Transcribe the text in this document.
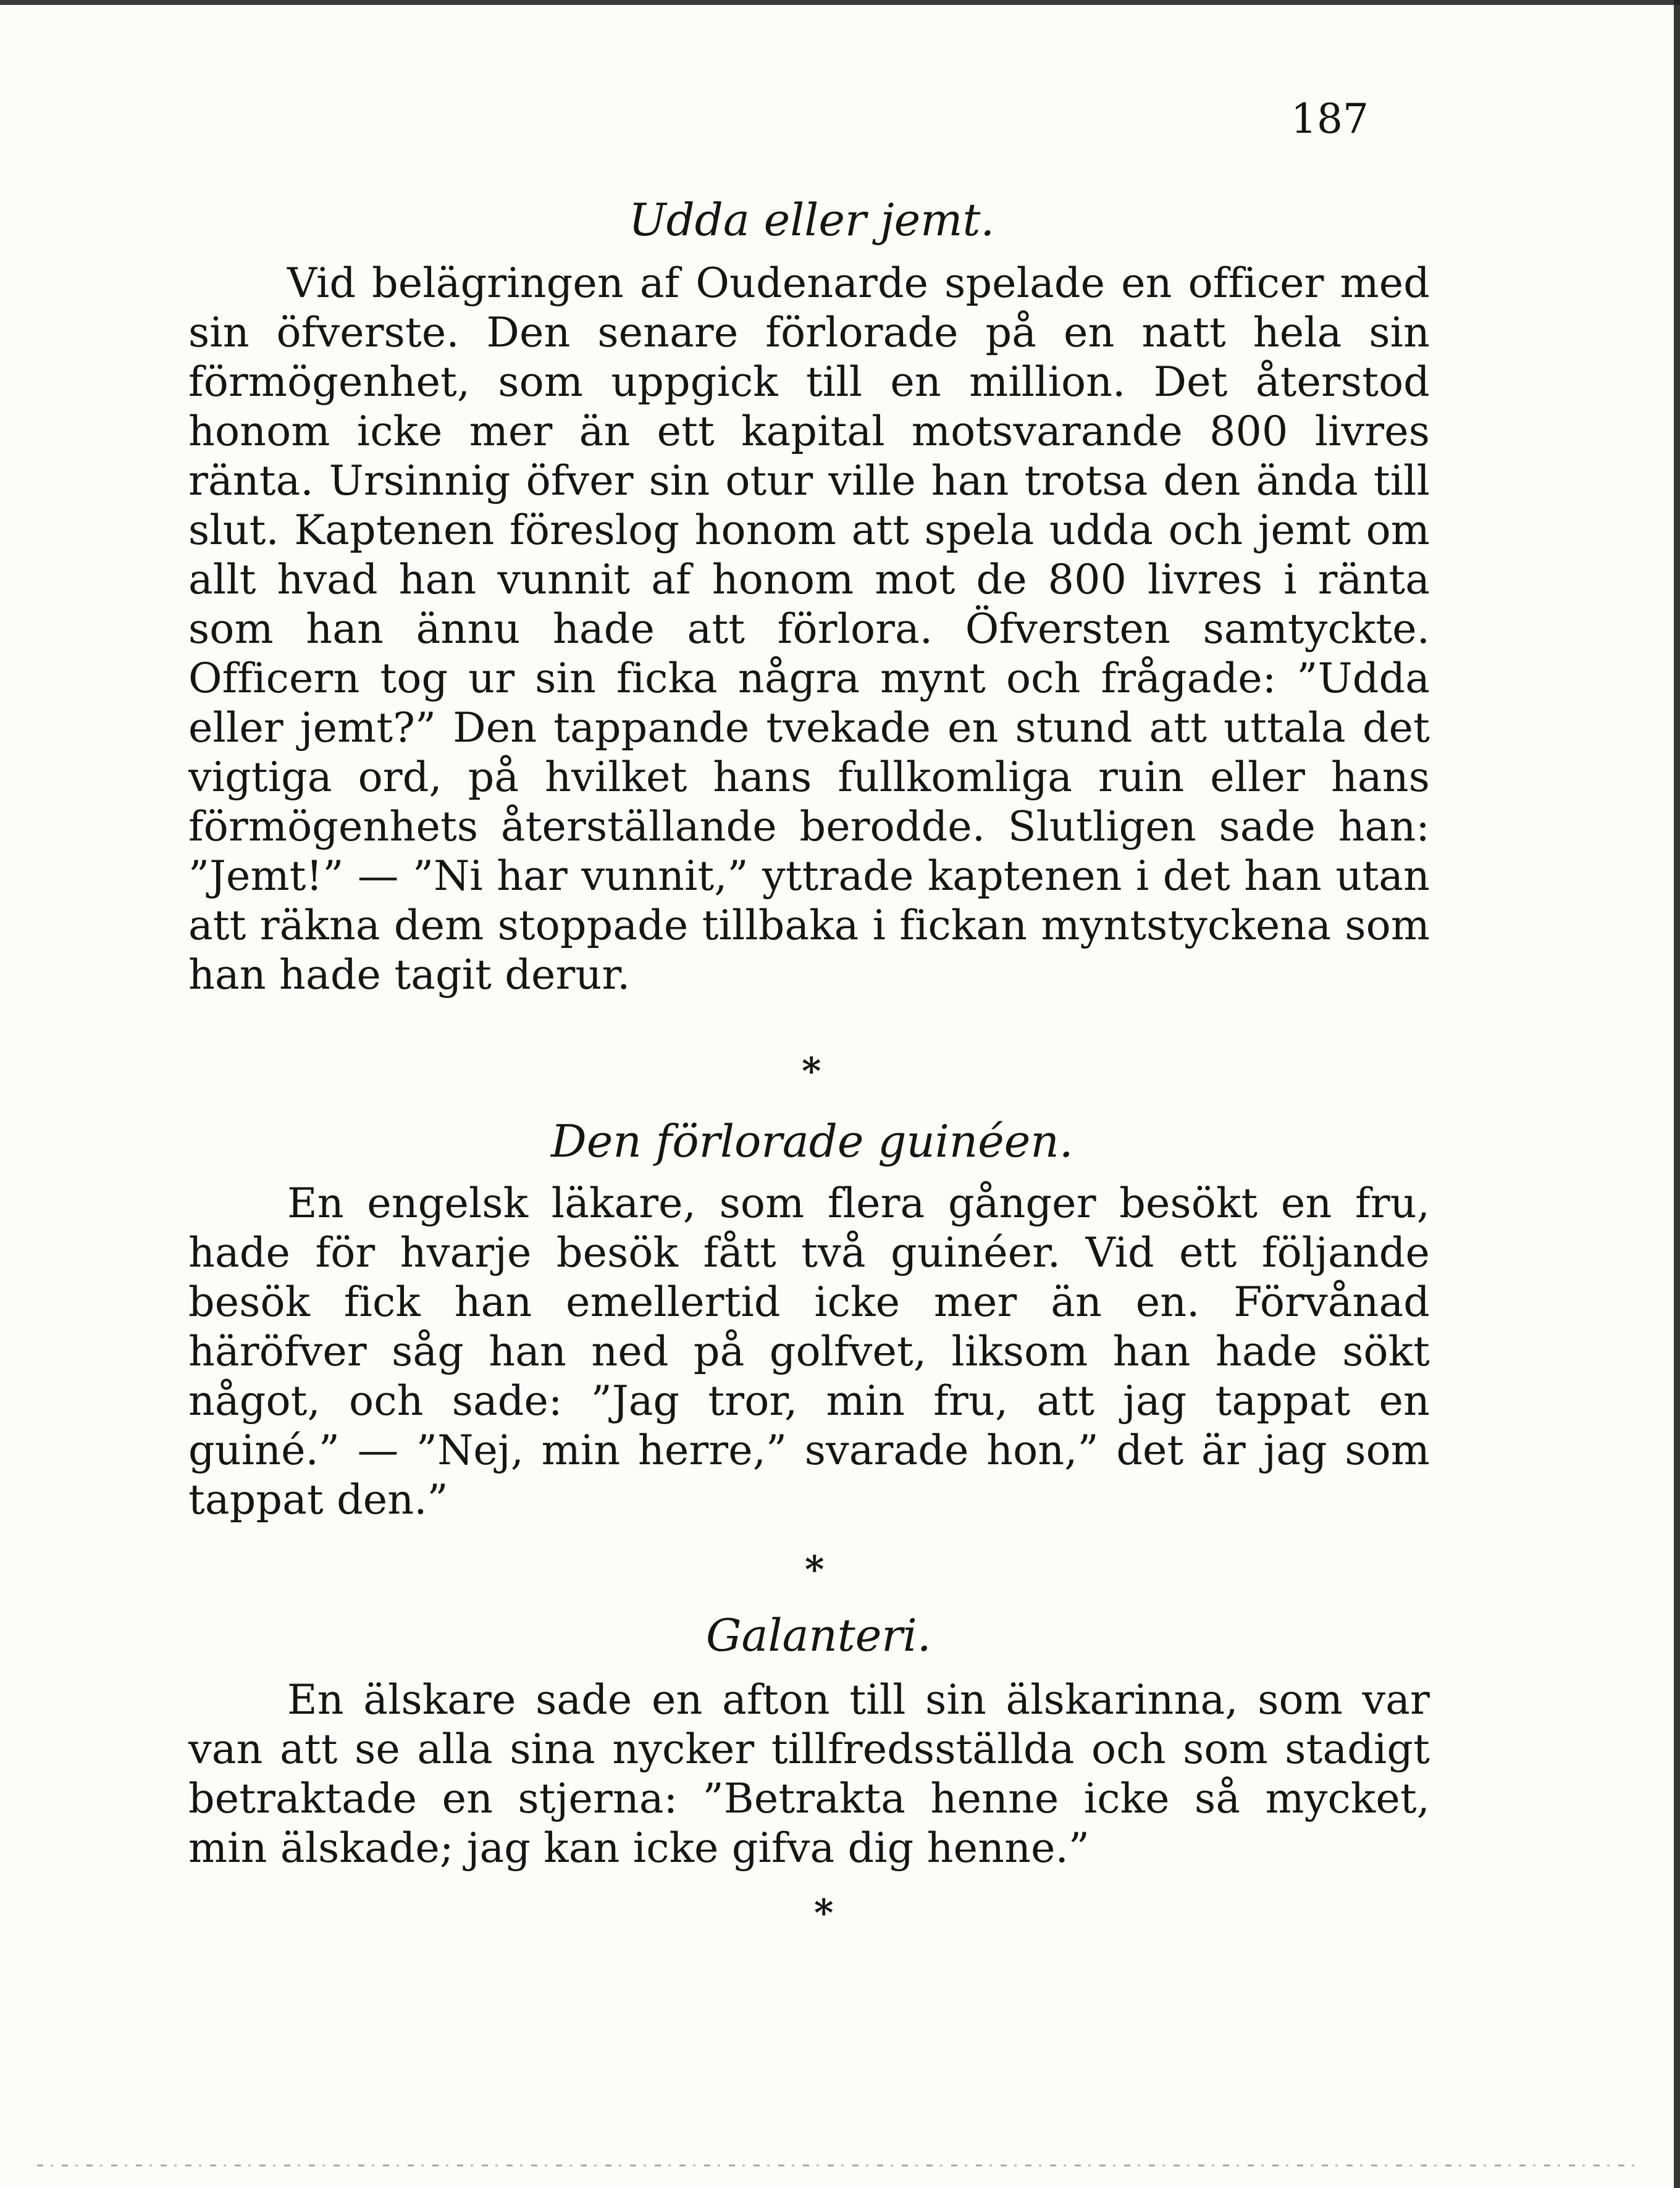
187
Udda eller jemt.

Vid belägringen af Oudenarde spelade en officer med sin öfverste. Den senare förlorade på en natt hela sin förmögenhet, som uppgick till en million. Det återstod honom icke mer än ett kapital motsvarande 800 livres ränta. Ursinnig öfver sin otur ville han trotsa den ända till slut. Kaptenen föreslog honom att spela udda och jemt om allt hvad han vunnit af honom mot de 800 livres i ränta som han ännu hade att förlora. Öfversten samtyckte. Officern tog ur sin ficka några mynt och frågade: ”Udda eller jemt?” Den tappande tvekade en stund att uttala det vigtiga ord, på hvilket hans fullkomliga ruin eller hans förmögenhets återställande berodde. Slutligen sade han: ”Jemt!” — ”Ni har vunnit,” yttrade kaptenen i det han utan att räkna dem stoppade tillbaka i fickan myntstyckena som han hade tagit derur.

*
Den förlorade guinéen.

En engelsk läkare, som flera gånger besökt en fru, hade för hvarje besök fått två guinéer. Vid ett följande besök fick han emellertid icke mer än en. Förvånad häröfver såg han ned på golfvet, liksom han hade sökt något, och sade: ”Jag tror, min fru, att jag tappat en guiné.” — ”Nej, min herre,” svarade hon,” det är jag som tappat den.”

*
Galanteri.

En älskare sade en afton till sin älskarinna, som var van att se alla sina nycker tillfredsställda och som stadigt betraktade en stjerna: ”Betrakta henne icke så mycket, min älskade; jag kan icke gifva dig henne.”

*
